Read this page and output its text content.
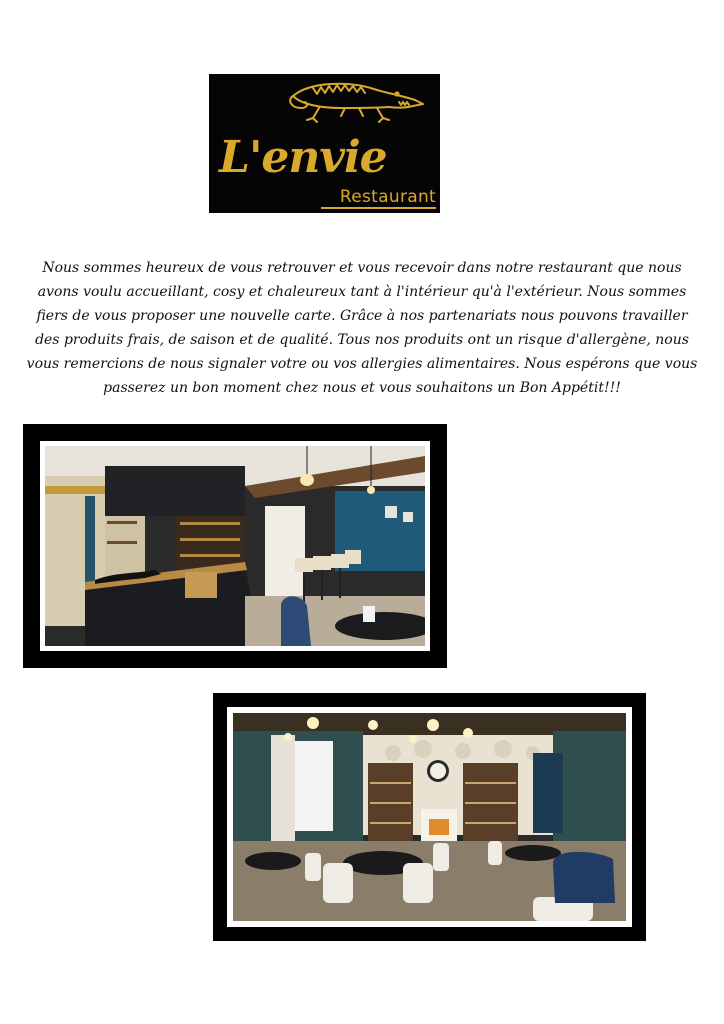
L'envie
Restaurant
Nous sommes heureux de vous retrouver et vous recevoir dans notre restaurant que nous avons voulu accueillant, cosy et chaleureux tant à l'intérieur qu'à l'extérieur. Nous sommes fiers de vous proposer une nouvelle carte. Grâce à nos partenariats nous pouvons travailler des produits frais, de saison et de qualité. Tous nos produits ont un risque d'allergène, nous vous remercions de nous signaler votre ou vos allergies alimentaires. Nous espérons que vous passerez un bon moment chez nous et vous souhaitons un Bon Appétit!!!
